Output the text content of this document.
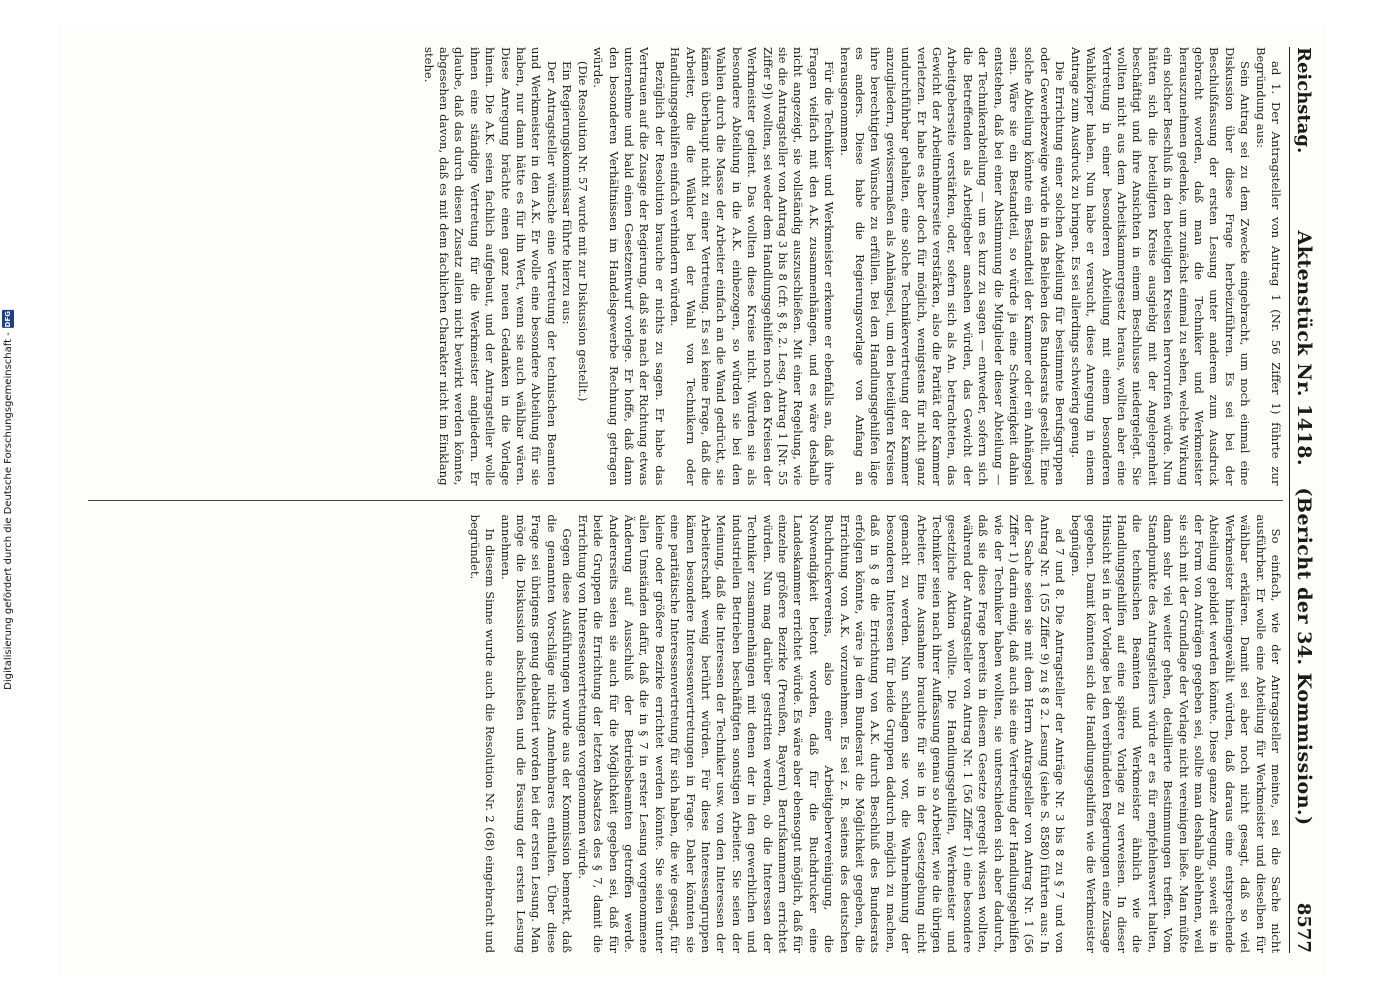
Reichstag.
Aktenstück Nr. 1418.   (Bericht der 34. Kommission.)
8577

ad 1. Der Antragsteller von Antrag 1 (Nr. 56 Ziffer 1) führte zur Begründung aus:

Sein Antrag sei zu dem Zwecke eingebracht, um noch einmal eine Diskussion über diese Frage herbeizuführen. Es sei bei der Beschlußfassung der ersten Lesung unter anderem zum Ausdruck gebracht worden, daß man die Techniker und Werkmeister herauszunehmen gedenke, um zunächst einmal zu sehen, welche Wirkung ein solcher Beschluß in den beteiligten Kreisen hervorrufen würde. Nun hätten sich die beteiligten Kreise ausgiebig mit der Angelegenheit beschäftigt und ihre Ansichten in einem Beschlusse niedergelegt. Sie wollten nicht aus dem Arbeitskammergesetz heraus, wollten aber eine Vertretung in einer besonderen Abteilung mit einem besonderen Wahlkörper haben. Nun habe er versucht, diese Anregung in einem Antrage zum Ausdruck zu bringen. Es sei allerdings schwierig genug.

Die Errichtung einer solchen Abteilung für bestimmte Berufsgruppen oder Gewerbezweige würde in das Belieben des Bundesrats gestellt. Eine solche Abteilung könnte ein Bestandteil der Kammer oder ein Anhängsel sein. Wäre sie ein Bestandteil, so würde ja eine Schwierigkeit dahin entstehen, daß bei einer Abstimmung die Mitglieder dieser Abteilung — der Technikerabteilung — um es kurz zu sagen — entweder, sofern sich die Betreffenden als Arbeitgeber ansehen würden, das Gewicht der Arbeitgeberseite verstärken, oder, sofern sich als An. betrachteten, das Gewicht der Arbeitnehmerseite verstärken, also die Parität der Kammer verletzen. Er habe es aber doch für möglich, wenigstens für nicht ganz undurchführbar gehalten, eine solche Technikervertretung der Kammer anzugliedern, gewissermaßen als Anhängsel, um den beteiligten Kreisen ihre berechtigten Wünsche zu erfüllen. Bei den Handlungsgehilfen läge es anders. Diese habe die Regierungsvorlage von Anfang an herausgenommen.

Für die Techniker und Werkmeister erkenne er ebenfalls an, daß ihre Fragen vielfach mit den A.K. zusammenhängen, und es wäre deshalb nicht angezeigt, sie vollständig auszuschließen. Mit einer Regelung, wie sie die Antragsteller von Antrag 3 bis 8 (cfr. § 8, 2. Lesg. Antrag 1 [Nr. 55 Ziffer 9]) wollten, sei weder dem Handlungsgehilfen noch den Kreisen der Werkmeister gedient. Das wollten diese Kreise nicht. Würden sie als besondere Abteilung in die A.K. einbezogen, so würden sie bei den Wahlen durch die Masse der Arbeiter einfach an die Wand gedrückt, sie kämen überhaupt nicht zu einer Vertretung. Es sei keine Frage, daß die Arbeiter, die die Wähler bei der Wahl von Technikern oder Handlungsgehilfen einfach verhindern würden.

Bezüglich der Resolution brauche er nichts zu sagen. Er habe das Vertrauen auf die Zusage der Regierung, daß sie nach der Richtung etwas unternehme und bald einen Gesetzentwurf vorlege. Er hoffe, daß dann den besonderen Verhältnissen im Handelsgewerbe Rechnung getragen würde.

(Die Resolution Nr. 57 wurde mit zur Diskussion gestellt.)

Ein Regierungskommissar führte hierzu aus:

Der Antragsteller wünsche eine Vertretung der technischen Beamten und Werkmeister in den A.K. Er wolle eine besondere Abteilung für sie haben, nur dann hätte es für ihn Wert, wenn sie auch wählbar wären. Diese Anregung brächte einen ganz neuen Gedanken in die Vorlage hinein. Die A.K. seien fachlich aufgebaut, und der Antragsteller wolle ihnen eine ständige Vertretung für die Werkmeister angliedern. Er glaube, daß das durch diesen Zusatz allein nicht bewirkt werden könnte, abgesehen davon, daß es mit dem fachlichen Charakter nicht im Einklang stehe.

So einfach, wie der Antragsteller meinte, sei die Sache nicht ausführbar. Er wolle eine Abteilung für Werkmeister und dieselben für wählbar erklären. Damit sei aber noch nicht gesagt, daß so viel Werkmeister hineingewählt würden, daß daraus eine entsprechende Abteilung gebildet werden könnte. Diese ganze Anregung, soweit sie in der Form von Anträgen gegeben sei, sollte man deshalb ablehnen, weil sie sich mit der Grundlage der Vorlage nicht vereinigen ließe. Man müßte dann sehr viel weiter gehen, detaillierte Bestimmungen treffen. Vom Standpunkte des Antragstellers würde er es für empfehlenswert halten, die technischen Beamten und Werkmeister ähnlich wie die Handlungsgehilfen auf eine spätere Vorlage zu verweisen. In dieser Hinsicht sei in der Vorlage bei den verbündeten Regierungen eine Zusage gegeben. Damit könnten sich die Handlungsgehilfen wie die Werkmeister begnügen.

ad 7 und 8. Die Antragsteller der Anträge Nr. 3 bis 8 zu § 7 und von Antrag Nr. 1 (55 Ziffer 9) zu § 8 2. Lesung (siehe S. 8580) führten aus: In der Sache seien sie mit dem Herrn Antragsteller von Antrag Nr. 1 (56 Ziffer 1) darin einig, daß auch sie eine Vertretung der Handlungsgehilfen wie der Techniker haben wollten, sie unterschieden sich aber dadurch, daß sie diese Frage bereits in diesem Gesetze geregelt wissen wollten, während der Antragsteller von Antrag Nr. 1 (56 Ziffer 1) eine besondere gesetzliche Aktion wollte. Die Handlungsgehilfen, Werkmeister und Techniker seien nach ihrer Auffassung genau so Arbeiter, wie die übrigen Arbeiter. Eine Ausnahme brauchte für sie in der Gesetzgebung nicht gemacht zu werden. Nun schlagen sie vor, die Wahrnehmung der besonderen Interessen für beide Gruppen dadurch möglich zu machen, daß in § 8 die Errichtung von A.K. durch Beschluß des Bundesrats erfolgen könnte, wäre ja dem Bundesrat die Möglichkeit gegeben, die Errichtung von A.K. vorzunehmen. Es sei z. B. seitens des deutschen Buchdruckervereins, also einer Arbeitgebervereinigung, die Notwendigkeit betont worden, daß für die Buchdrucker eine Landeskammer errichtet würde. Es wäre aber ebensogut möglich, daß für einzelne größere Bezirke (Preußen, Bayern) Berufskammern errichtet würden. Nun mag darüber gestritten werden, ob die Interessen der Techniker zusammenhängen mit denen der in den gewerblichen und industriellen Betrieben beschäftigten sonstigen Arbeiter. Sie seien der Meinung, daß die Interessen der Techniker usw. von den Interessen der Arbeiterschaft wenig berührt würden. Für diese Interessengruppen kämen besondere Interessenvertretungen in Frage. Daher könnten sie eine paritätische Interessenvertretung für sich haben, die wie gesagt, für kleine oder größere Bezirke errichtet werden könnte. Sie seien unter allen Umständen dafür, daß die in § 7 in erster Lesung vorgenommene Änderung auf Ausschluß der Betriebsbeamten getroffen werde. Andererseits seien sie auch für die Möglichkeit gegeben sei, daß für beide Gruppen die Errichtung der letzten Absatzes des § 7, damit die Errichtung von Interessenvertretungen vorgenommen würde.

Gegen diese Ausführungen wurde aus der Kommission bemerkt, daß die genannten Vorschläge nichts Annehmbares enthalten. Über diese Frage sei übrigens genug debattiert worden bei der ersten Lesung. Man möge die Diskussion abschließen und die Fassung der ersten Lesung annehmen.

In diesem Sinne wurde auch die Resolution Nr. 2 (68) eingebracht und begründet.

Digitalisierung gefördert durch die Deutsche Forschungsgemeinschaft -
DFG
